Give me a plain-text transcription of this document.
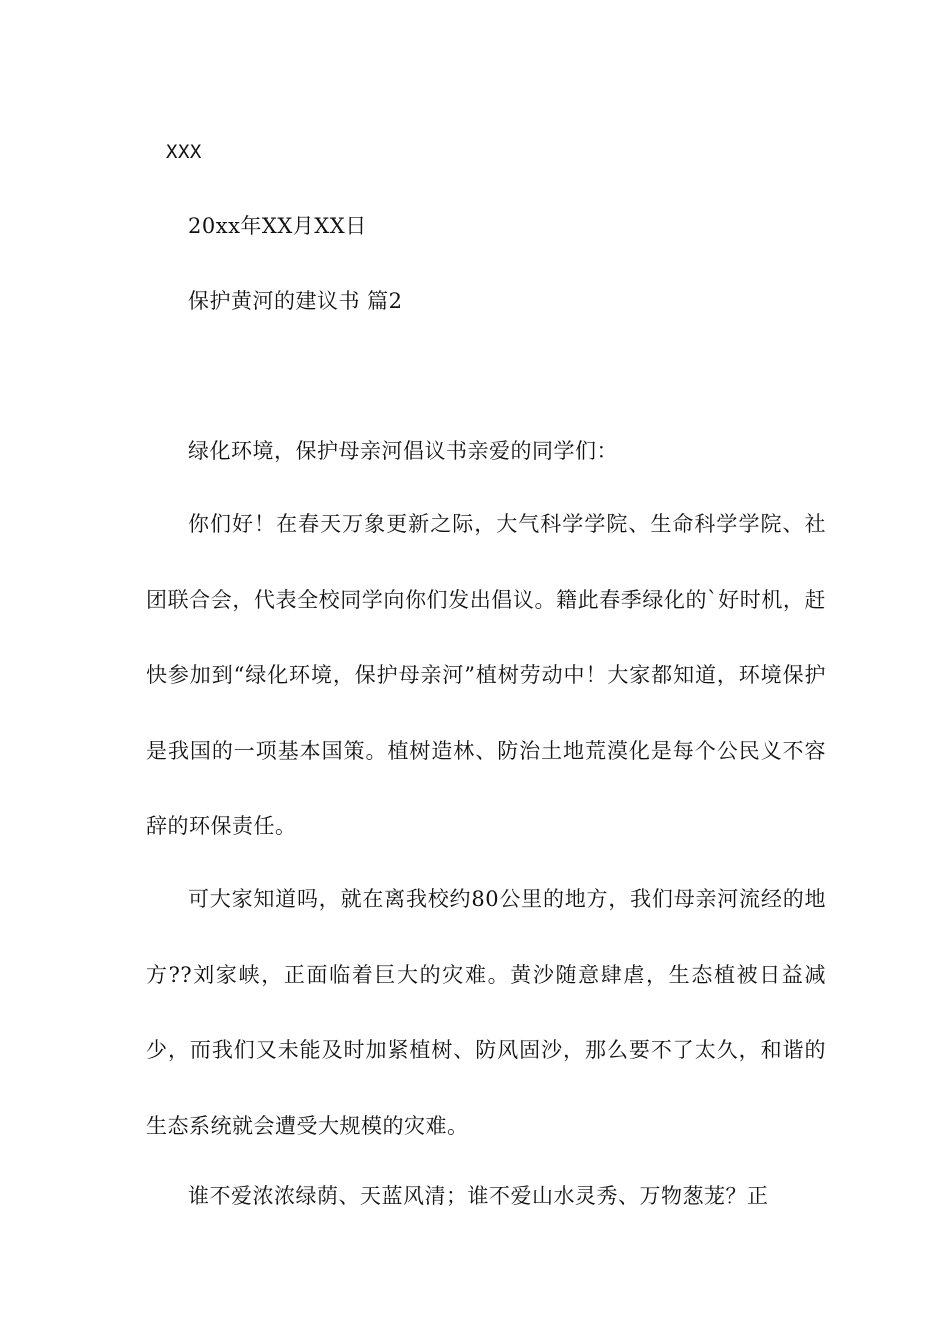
XXX
20xx年XX月XX日
保护黄河的建议书 篇2
绿化环境，保护母亲河倡议书亲爱的同学们：

你们好！在春天万象更新之际，大气科学学院、生命科学学院、社团联合会，代表全校同学向你们发出倡议。籍此春季绿化的`好时机，赶快参加到“绿化环境，保护母亲河”植树劳动中！大家都知道，环境保护是我国的一项基本国策。植树造林、防治土地荒漠化是每个公民义不容辞的环保责任。

可大家知道吗，就在离我校约80公里的地方，我们母亲河流经的地方??刘家峡，正面临着巨大的灾难。黄沙随意肆虐，生态植被日益减少，而我们又未能及时加紧植树、防风固沙，那么要不了太久，和谐的生态系统就会遭受大规模的灾难。

谁不爱浓浓绿荫、天蓝风清；谁不爱山水灵秀、万物葱茏？正
